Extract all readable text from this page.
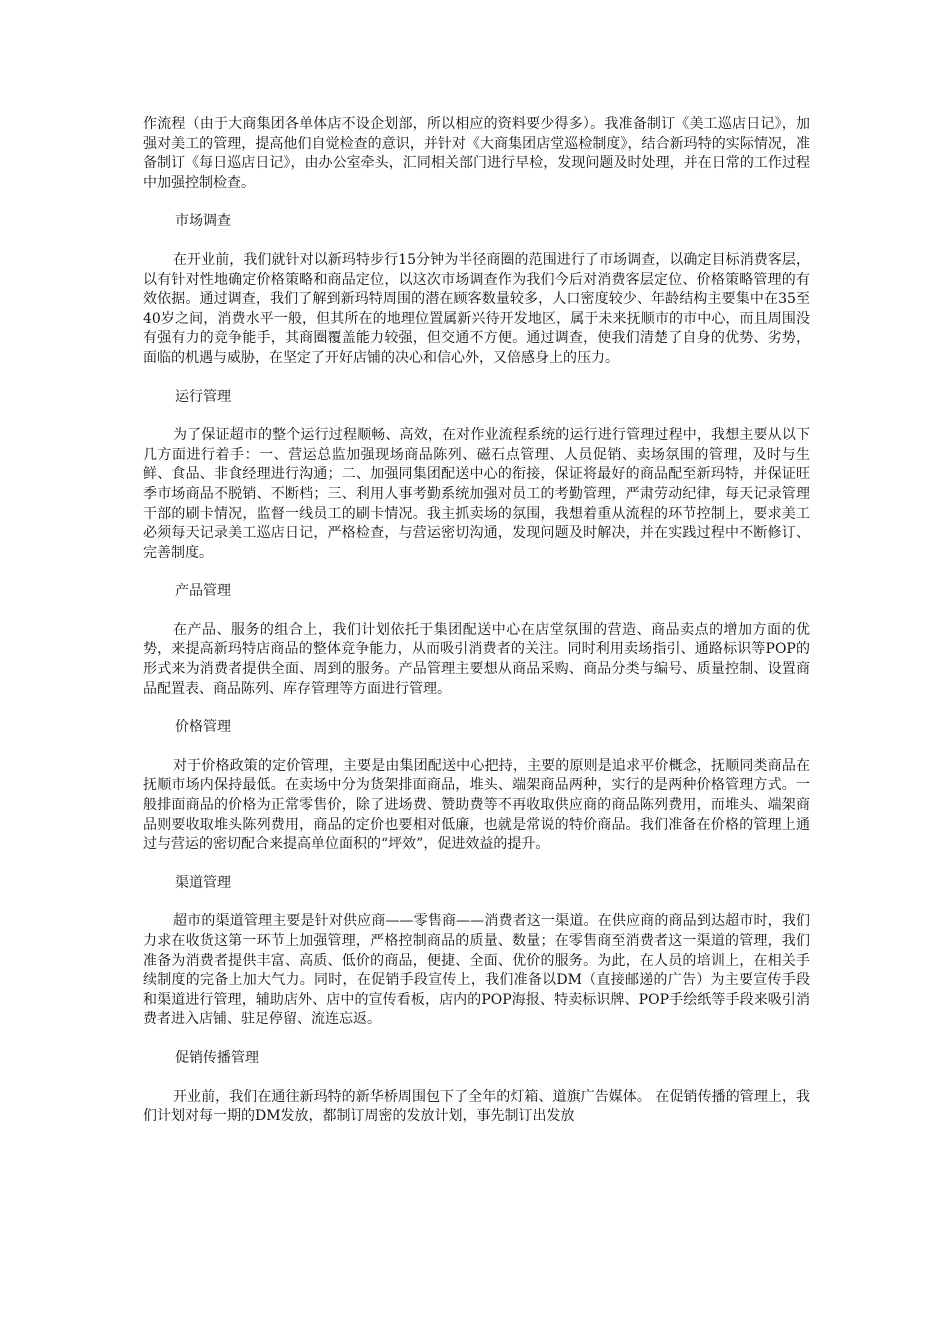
作流程（由于大商集团各单体店不设企划部，所以相应的资料要少得多）。我准备制订《美工巡店日记》，加强对美工的管理，提高他们自觉检查的意识，并针对《大商集团店堂巡检制度》，结合新玛特的实际情况，准备制订《每日巡店日记》，由办公室牵头，汇同相关部门进行早检，发现问题及时处理，并在日常的工作过程中加强控制检查。

市场调查

在开业前，我们就针对以新玛特步行15分钟为半径商圈的范围进行了市场调查，以确定目标消费客层，以有针对性地确定价格策略和商品定位，以这次市场调查作为我们今后对消费客层定位、价格策略管理的有效依据。通过调查，我们了解到新玛特周围的潜在顾客数量较多，人口密度较少、年龄结构主要集中在35至40岁之间，消费水平一般，但其所在的地理位置属新兴待开发地区，属于未来抚顺市的市中心，而且周围没有强有力的竞争能手，其商圈覆盖能力较强，但交通不方便。通过调查，使我们清楚了自身的优势、劣势，面临的机遇与威胁，在坚定了开好店铺的决心和信心外，又倍感身上的压力。

运行管理

为了保证超市的整个运行过程顺畅、高效，在对作业流程系统的运行进行管理过程中，我想主要从以下几方面进行着手：一、营运总监加强现场商品陈列、磁石点管理、人员促销、卖场氛围的管理，及时与生鲜、食品、非食经理进行沟通；二、加强同集团配送中心的衔接，保证将最好的商品配至新玛特，并保证旺季市场商品不脱销、不断档；三、利用人事考勤系统加强对员工的考勤管理，严肃劳动纪律，每天记录管理干部的刷卡情况，监督一线员工的刷卡情况。我主抓卖场的氛围，我想着重从流程的环节控制上，要求美工必须每天记录美工巡店日记，严格检查，与营运密切沟通，发现问题及时解决，并在实践过程中不断修订、完善制度。

产品管理

在产品、服务的组合上，我们计划依托于集团配送中心在店堂氛围的营造、商品卖点的增加方面的优势，来提高新玛特店商品的整体竞争能力，从而吸引消费者的关注。同时利用卖场指引、通路标识等POP的形式来为消费者提供全面、周到的服务。产品管理主要想从商品采购、商品分类与编号、质量控制、设置商品配置表、商品陈列、库存管理等方面进行管理。

价格管理

对于价格政策的定价管理，主要是由集团配送中心把持，主要的原则是追求平价概念，抚顺同类商品在抚顺市场内保持最低。在卖场中分为货架排面商品，堆头、端架商品两种，实行的是两种价格管理方式。一般排面商品的价格为正常零售价，除了进场费、赞助费等不再收取供应商的商品陈列费用，而堆头、端架商品则要收取堆头陈列费用，商品的定价也要相对低廉，也就是常说的特价商品。我们准备在价格的管理上通过与营运的密切配合来提高单位面积的“坪效”，促进效益的提升。

渠道管理

超市的渠道管理主要是针对供应商——零售商——消费者这一渠道。在供应商的商品到达超市时，我们力求在收货这第一环节上加强管理，严格控制商品的质量、数量；在零售商至消费者这一渠道的管理，我们准备为消费者提供丰富、高质、低价的商品，便捷、全面、优价的服务。为此，在人员的培训上，在相关手续制度的完备上加大气力。同时，在促销手段宣传上，我们准备以DM（直接邮递的广告）为主要宣传手段和渠道进行管理，辅助店外、店中的宣传看板，店内的POP海报、特卖标识牌、POP手绘纸等手段来吸引消费者进入店铺、驻足停留、流连忘返。

促销传播管理

开业前，我们在通往新玛特的新华桥周围包下了全年的灯箱、道旗广告媒体。 在促销传播的管理上，我们计划对每一期的DM发放，都制订周密的发放计划，事先制订出发放
